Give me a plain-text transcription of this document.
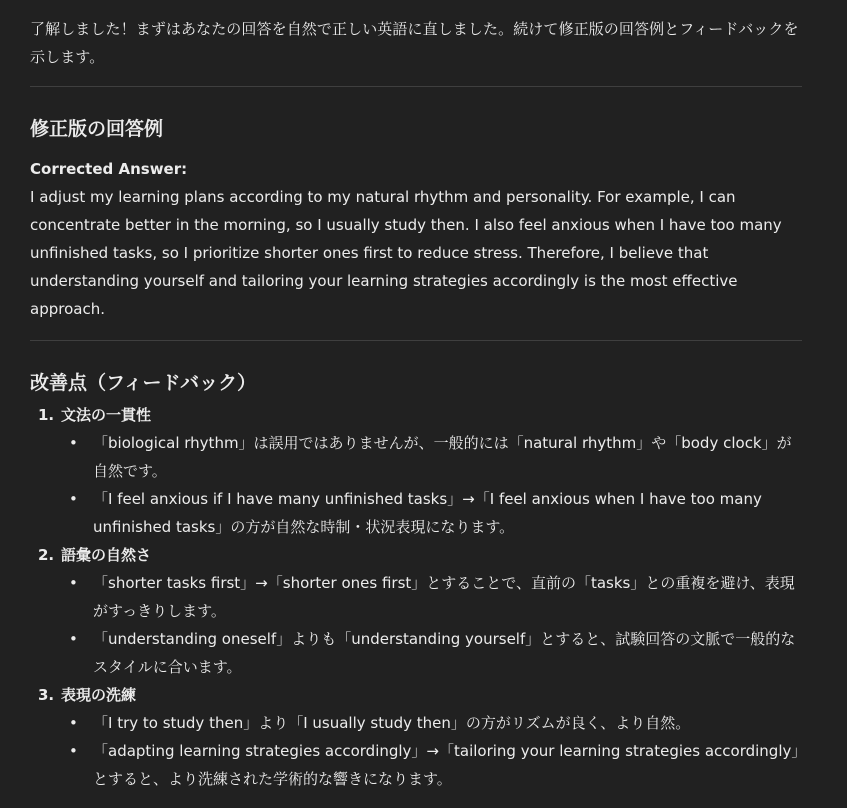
了解しました！まずはあなたの回答を自然で正しい英語に直しました。続けて修正版の回答例とフィードバックを示します。

修正版の回答例
Corrected Answer:

I adjust my learning plans according to my natural rhythm and personality. For example, I can concentrate better in the morning, so I usually study then. I also feel anxious when I have too many unfinished tasks, so I prioritize shorter ones first to reduce stress. Therefore, I believe that understanding yourself and tailoring your learning strategies accordingly is the most effective approach.

改善点（フィードバック）
1. 文法の一貫性
• 「biological rhythm」は誤用ではありませんが、一般的には「natural rhythm」や「body clock」が自然です。
• 「I feel anxious if I have many unfinished tasks」→「I feel anxious when I have too many unfinished tasks」の方が自然な時制・状況表現になります。
2. 語彙の自然さ
• 「shorter tasks first」→「shorter ones first」とすることで、直前の「tasks」との重複を避け、表現がすっきりします。
• 「understanding oneself」よりも「understanding yourself」とすると、試験回答の文脈で一般的なスタイルに合います。
3. 表現の洗練
• 「I try to study then」より「I usually study then」の方がリズムが良く、より自然。
• 「adapting learning strategies accordingly」→「tailoring your learning strategies accordingly」とすると、より洗練された学術的な響きになります。
